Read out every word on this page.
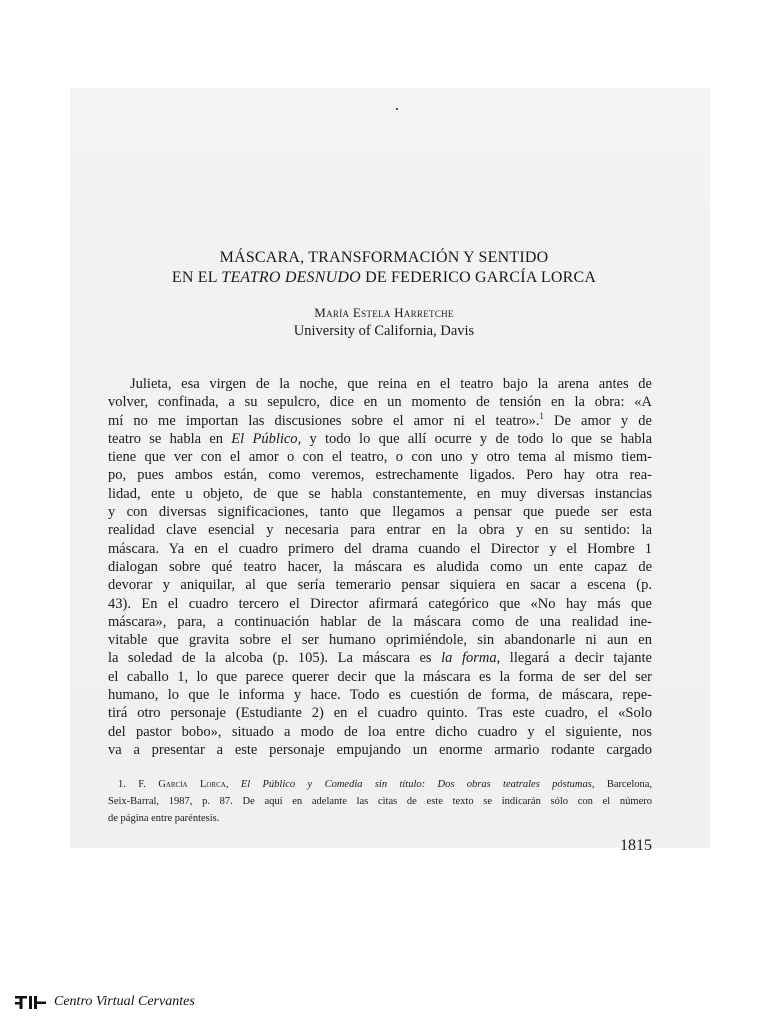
MÁSCARA, TRANSFORMACIÓN Y SENTIDO
EN EL TEATRO DESNUDO DE FEDERICO GARCÍA LORCA
María Estela Harretche
University of California, Davis
Julieta, esa virgen de la noche, que reina en el teatro bajo la arena antes de
volver, confinada, a su sepulcro, dice en un momento de tensión en la obra: «A
mí no me importan las discusiones sobre el amor ni el teatro».$^1$ De amor y de
teatro se habla en El Público, y todo lo que allí ocurre y de todo lo que se habla
tiene que ver con el amor o con el teatro, o con uno y otro tema al mismo tiem-
po, pues ambos están, como veremos, estrechamente ligados. Pero hay otra rea-
lidad, ente u objeto, de que se habla constantemente, en muy diversas instancias
y con diversas significaciones, tanto que llegamos a pensar que puede ser esta
realidad clave esencial y necesaria para entrar en la obra y en su sentido: la
máscara. Ya en el cuadro primero del drama cuando el Director y el Hombre 1
dialogan sobre qué teatro hacer, la máscara es aludida como un ente capaz de
devorar y aniquilar, al que sería temerario pensar siquiera en sacar a escena (p.
43). En el cuadro tercero el Director afirmará categórico que «No hay más que
máscara», para, a continuación hablar de la máscara como de una realidad ine-
vitable que gravita sobre el ser humano oprimiéndole, sin abandonarle ni aun en
la soledad de la alcoba (p. 105). La máscara es la forma, llegará a decir tajante
el caballo 1, lo que parece querer decir que la máscara es la forma de ser del ser
humano, lo que le informa y hace. Todo es cuestión de forma, de máscara, repe-
tirá otro personaje (Estudiante 2) en el cuadro quinto. Tras este cuadro, el «Solo
del pastor bobo», situado a modo de loa entre dicho cuadro y el siguiente, nos
va a presentar a este personaje empujando un enorme armario rodante cargado
1. F. García Lorca, El Público y Comedia sin título: Dos obras teatrales póstumas, Barcelona,
Seix-Barral, 1987, p. 87. De aquí en adelante las citas de este texto se indicarán sólo con el número
de página entre paréntesis.
1815
Centro Virtual Cervantes
